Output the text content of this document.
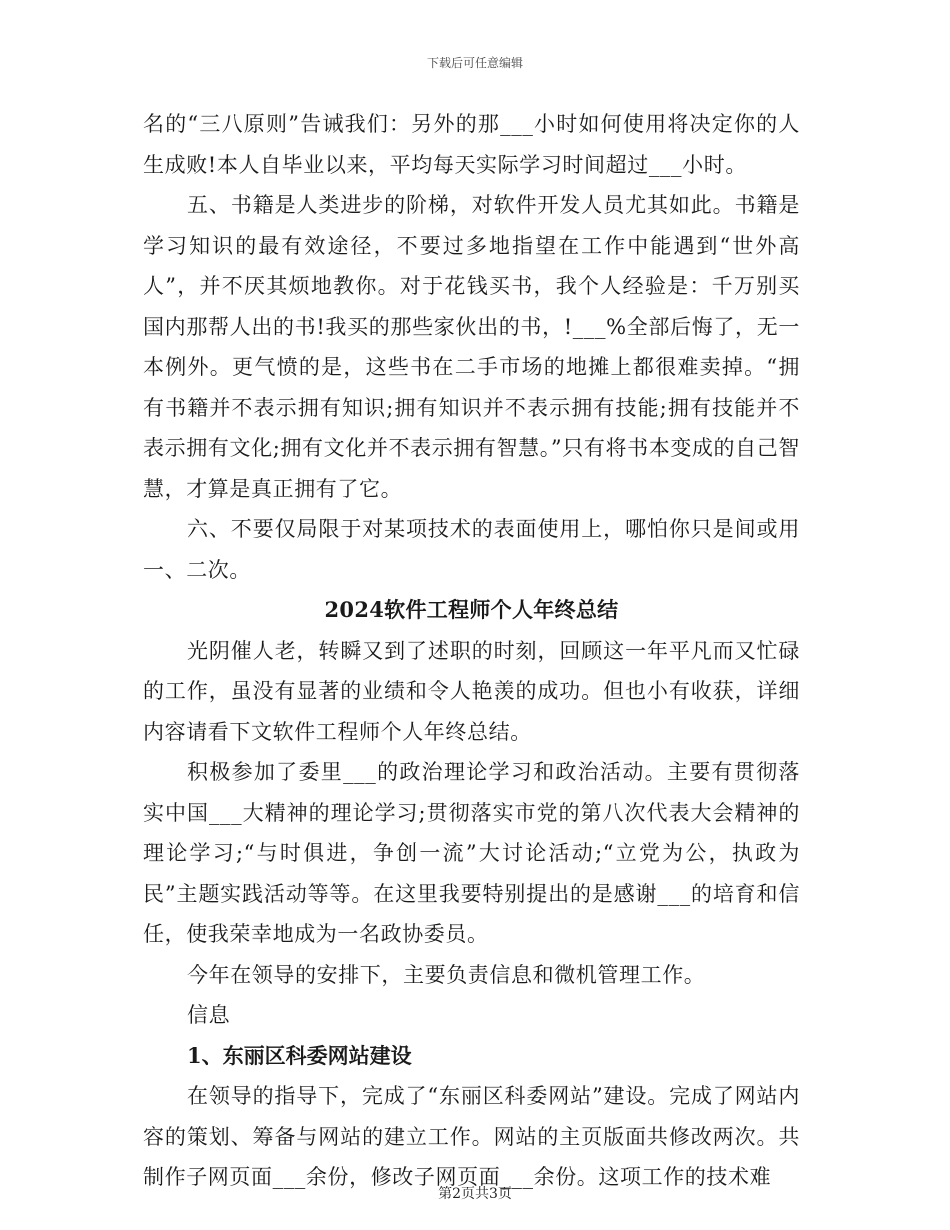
下载后可任意编辑

名的“三八原则”告诫我们：另外的那___小时如何使用将决定你的人生成败!本人自毕业以来，平均每天实际学习时间超过___小时。

五、书籍是人类进步的阶梯，对软件开发人员尤其如此。书籍是学习知识的最有效途径，不要过多地指望在工作中能遇到“世外高人”，并不厌其烦地教你。对于花钱买书，我个人经验是：千万别买国内那帮人出的书!我买的那些家伙出的书，!___%全部后悔了，无一本例外。更气愤的是，这些书在二手市场的地摊上都很难卖掉。“拥有书籍并不表示拥有知识;拥有知识并不表示拥有技能;拥有技能并不表示拥有文化;拥有文化并不表示拥有智慧。”只有将书本变成的自己智慧，才算是真正拥有了它。

六、不要仅局限于对某项技术的表面使用上，哪怕你只是间或用一、二次。

2024软件工程师个人年终总结

光阴催人老，转瞬又到了述职的时刻，回顾这一年平凡而又忙碌的工作，虽没有显著的业绩和令人艳羡的成功。但也小有收获，详细内容请看下文软件工程师个人年终总结。

积极参加了委里___的政治理论学习和政治活动。主要有贯彻落实中国___大精神的理论学习;贯彻落实市党的第八次代表大会精神的理论学习;“与时俱进，争创一流”大讨论活动;“立党为公，执政为民”主题实践活动等等。在这里我要特别提出的是感谢___的培育和信任，使我荣幸地成为一名政协委员。

今年在领导的安排下，主要负责信息和微机管理工作。

信息

1、东丽区科委网站建设

在领导的指导下，完成了“东丽区科委网站”建设。完成了网站内容的策划、筹备与网站的建立工作。网站的主页版面共修改两次。共制作子网页面___余份，修改子网页面___余份。这项工作的技术难

第2页共3页
